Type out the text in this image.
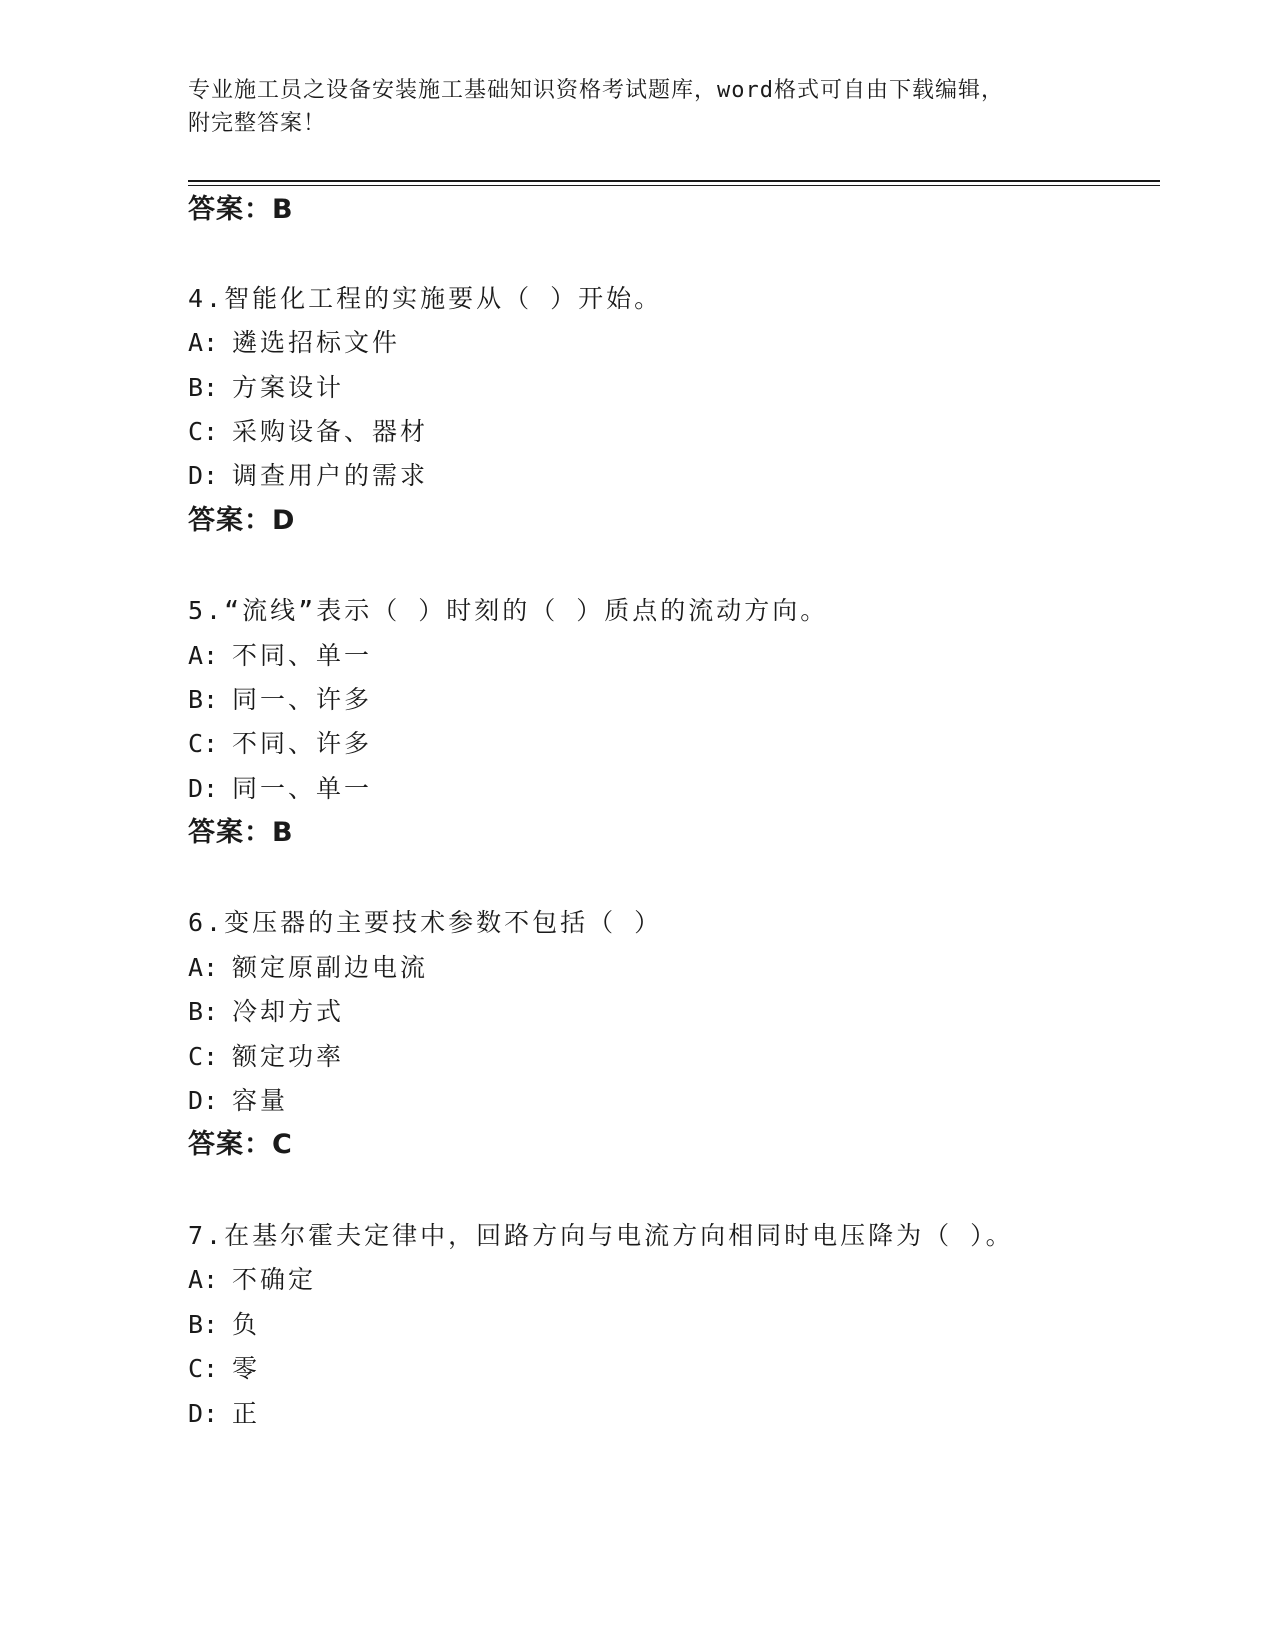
专业施工员之设备安装施工基础知识资格考试题库，word格式可自由下载编辑，
附完整答案！
答案：B
4.智能化工程的实施要从（ ）开始。
A: 遴选招标文件
B: 方案设计
C: 采购设备、器材
D: 调查用户的需求
答案：D
5.“流线”表示（ ）时刻的（ ）质点的流动方向。
A: 不同、单一
B: 同一、许多
C: 不同、许多
D: 同一、单一
答案：B
6.变压器的主要技术参数不包括（ ）
A: 额定原副边电流
B: 冷却方式
C: 额定功率
D: 容量
答案：C
7.在基尔霍夫定律中，回路方向与电流方向相同时电压降为（ ）。
A: 不确定
B: 负
C: 零
D: 正
